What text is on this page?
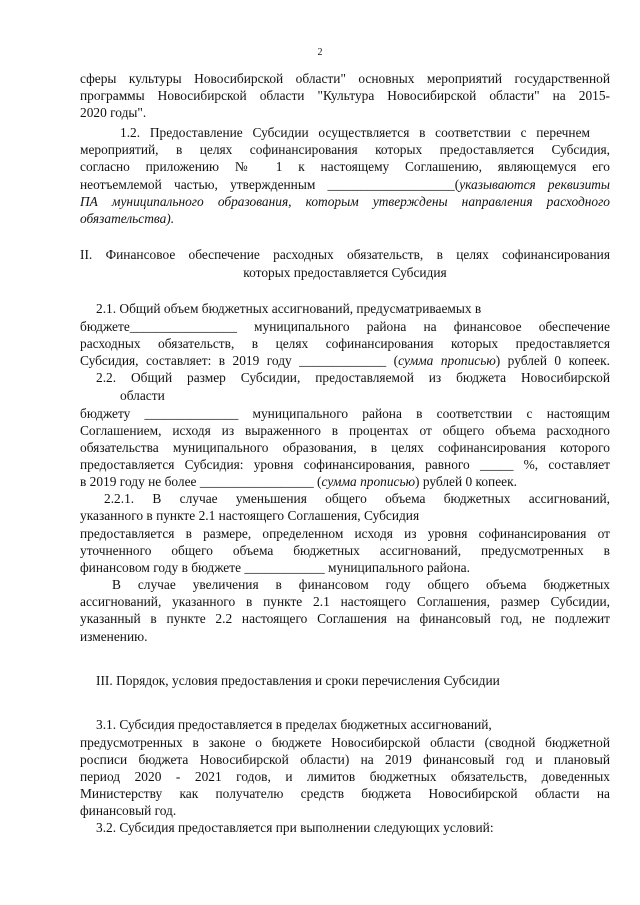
2
сферы культуры Новосибирской области" основных мероприятий государственной
программы Новосибирской области "Культура Новосибирской области" на 2015-
2020 годы".
1.2. Предоставление Субсидии осуществляется в соответствии с перечнем
мероприятий, в целях софинансирования которых предоставляется Субсидия,
согласно приложению № 1 к настоящему Соглашению, являющемуся его
неотъемлемой частью, утвержденным ___________________(указываются реквизиты
ПА муниципального образования, которым утверждены направления расходного
обязательства).
II. Финансовое обеспечение расходных обязательств, в целях софинансирования
которых предоставляется Субсидия
2.1. Общий объем бюджетных ассигнований, предусматриваемых в
бюджете________________ муниципального района на финансовое обеспечение
расходных обязательств, в целях софинансирования которых предоставляется
Субсидия, составляет: в 2019 году _____________ (сумма прописью) рублей 0 копеек.
2.2. Общий размер Субсидии, предоставляемой из бюджета Новосибирской
области
бюджету ______________ муниципального района в соответствии с настоящим
Соглашением, исходя из выраженного в процентах от общего объема расходного
обязательства муниципального образования, в целях софинансирования которого
предоставляется Субсидия: уровня софинансирования, равного _____ %, составляет
в 2019 году не более _________________ (сумма прописью) рублей 0 копеек.
2.2.1. В случае уменьшения общего объема бюджетных ассигнований,
указанного в пункте 2.1 настоящего Соглашения, Субсидия
предоставляется в размере, определенном исходя из уровня софинансирования от
уточненного общего объема бюджетных ассигнований, предусмотренных в
финансовом году в бюджете ____________ муниципального района.
В случае увеличения в финансовом году общего объема бюджетных
ассигнований, указанного в пункте 2.1 настоящего Соглашения, размер Субсидии,
указанный в пункте 2.2 настоящего Соглашения на финансовый год, не подлежит
изменению.
III. Порядок, условия предоставления и сроки перечисления Субсидии
3.1. Субсидия предоставляется в пределах бюджетных ассигнований,
предусмотренных в законе о бюджете Новосибирской области (сводной бюджетной
росписи бюджета Новосибирской области) на 2019 финансовый год и плановый
период 2020 - 2021 годов, и лимитов бюджетных обязательств, доведенных
Министерству как получателю средств бюджета Новосибирской области на
финансовый год.
3.2. Субсидия предоставляется при выполнении следующих условий:
